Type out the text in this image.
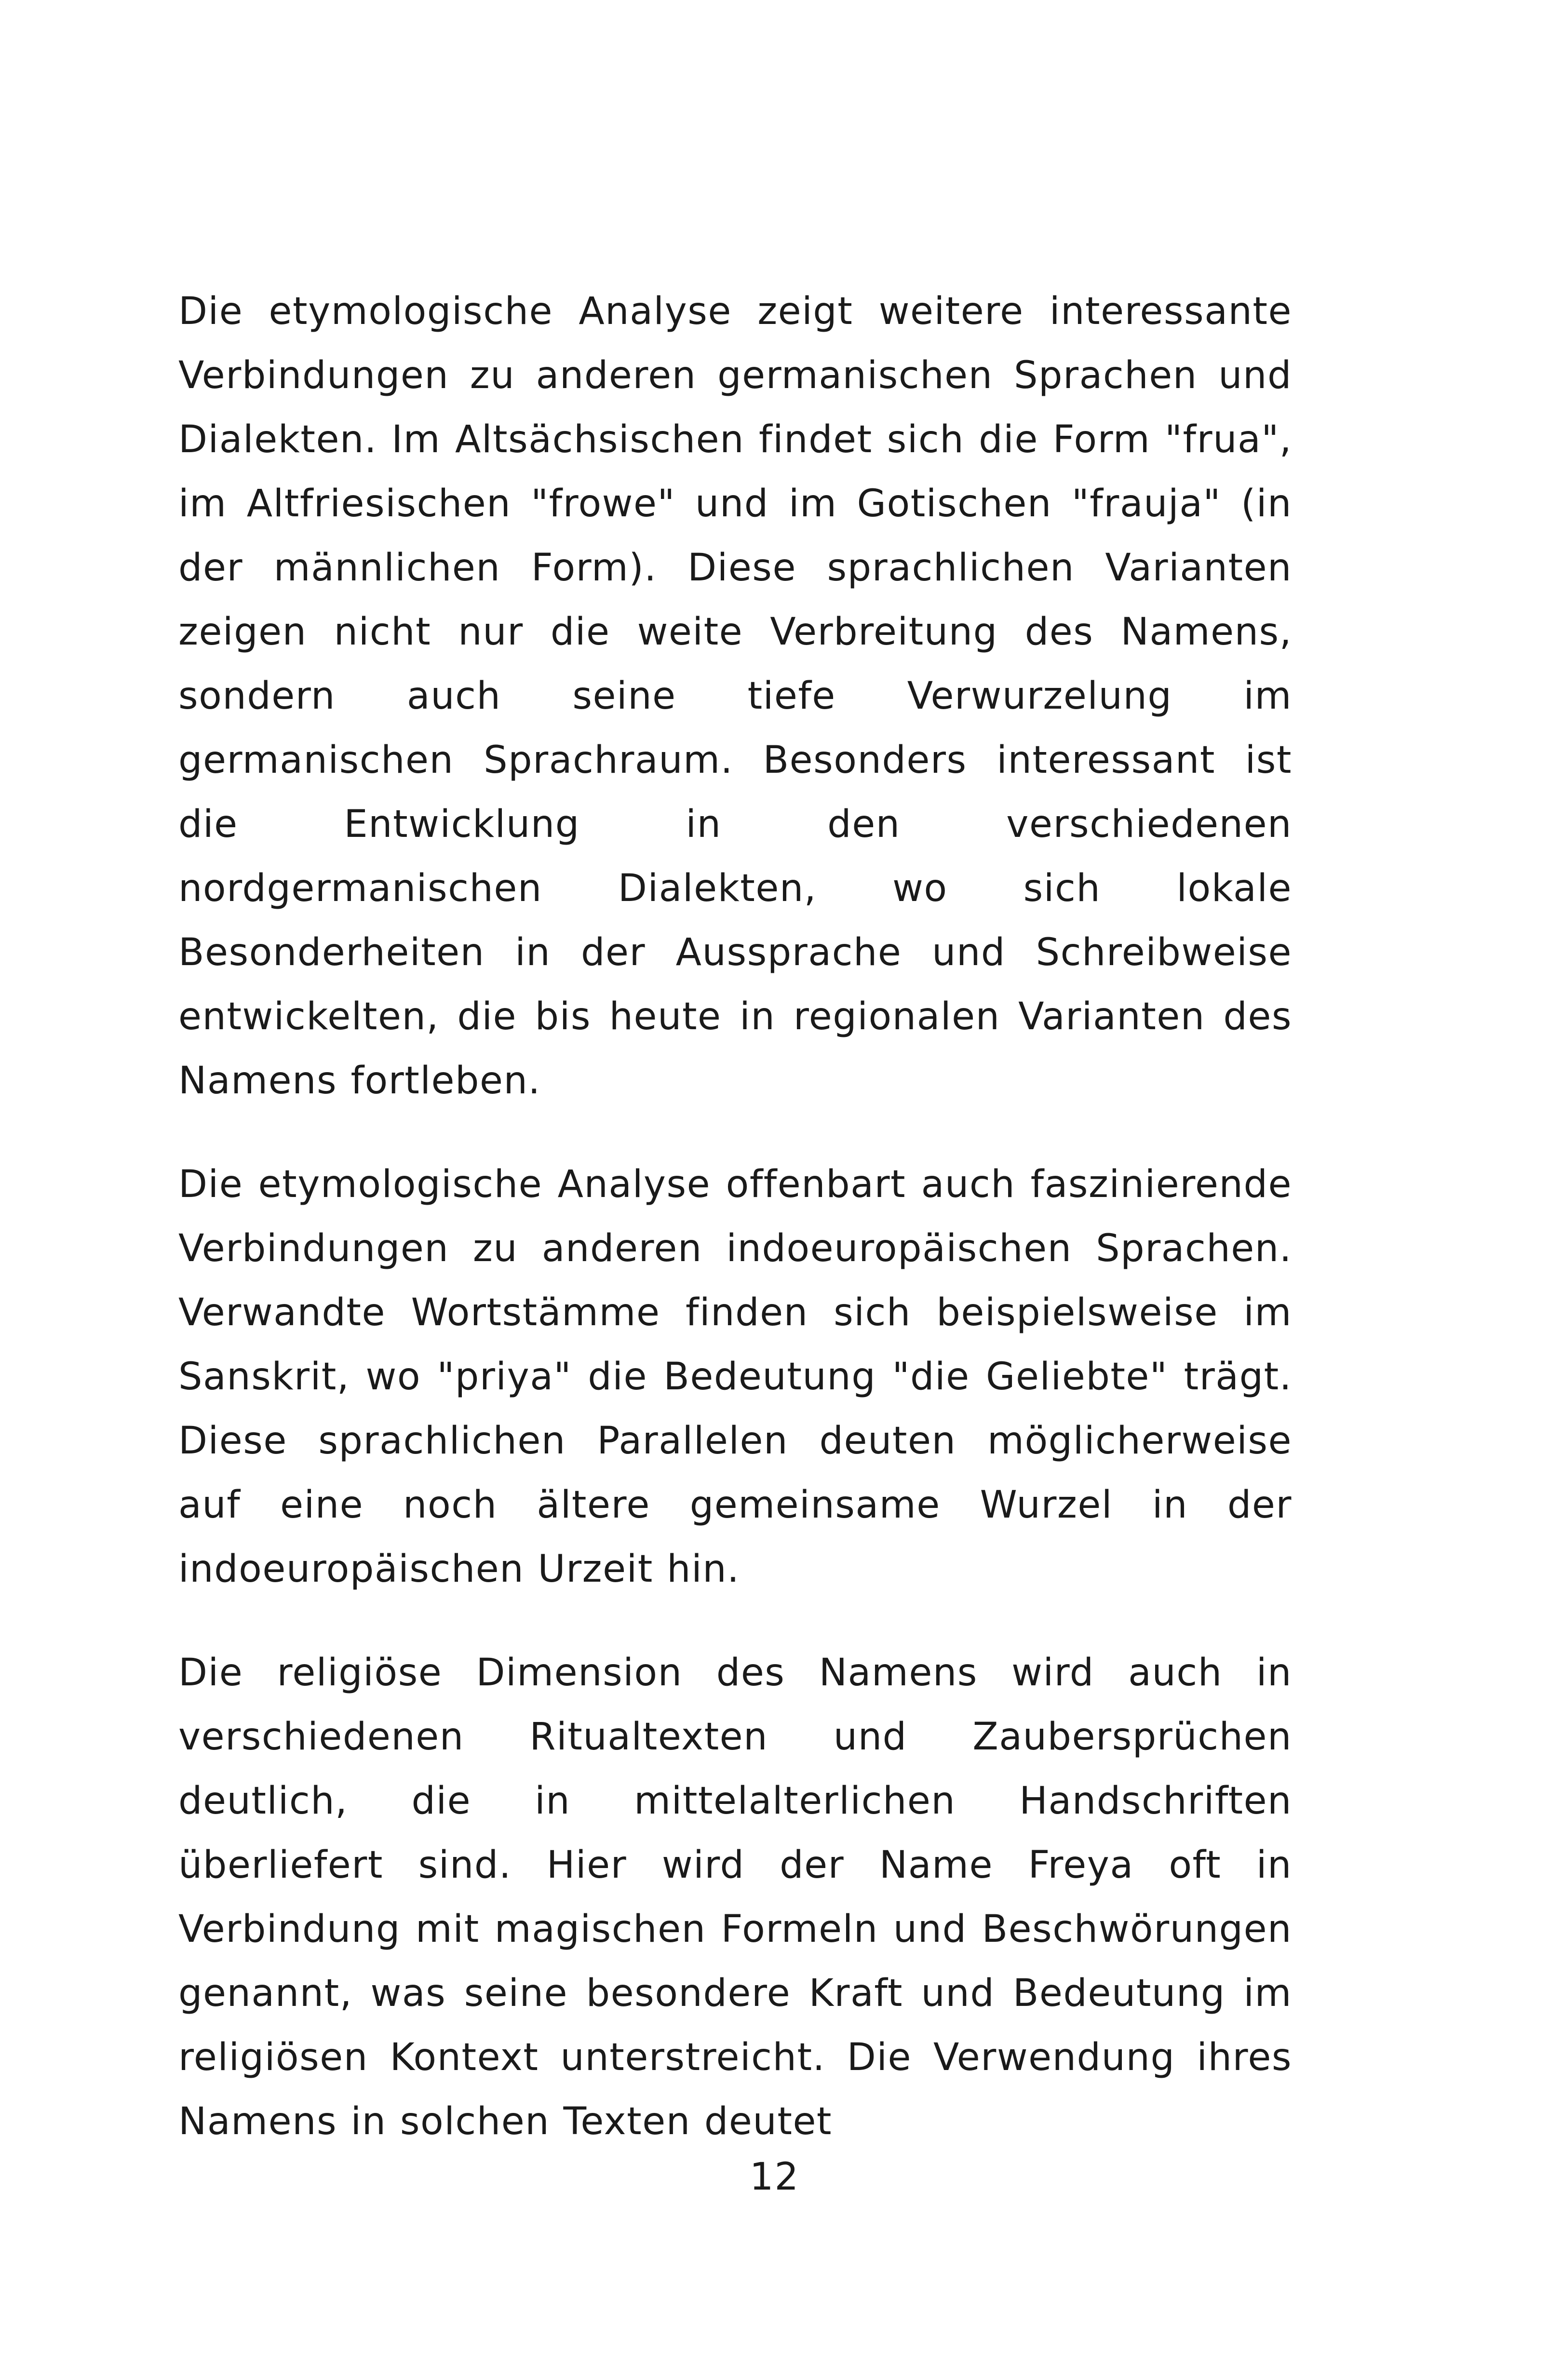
Die etymologische Analyse zeigt weitere interessante Verbindungen zu anderen germanischen Sprachen und Dialekten. Im Altsächsischen findet sich die Form "frua", im Altfriesischen "frowe" und im Gotischen "frauja" (in der männlichen Form). Diese sprachlichen Varianten zeigen nicht nur die weite Verbreitung des Namens, sondern auch seine tiefe Verwurzelung im germanischen Sprachraum. Besonders interessant ist die Entwicklung in den verschiedenen nordgermanischen Dialekten, wo sich lokale Besonderheiten in der Aussprache und Schreibweise entwickelten, die bis heute in regionalen Varianten des Namens fortleben.

Die etymologische Analyse offenbart auch faszinierende Verbindungen zu anderen indoeuropäischen Sprachen. Verwandte Wortstämme finden sich beispielsweise im Sanskrit, wo "priya" die Bedeutung "die Geliebte" trägt. Diese sprachlichen Parallelen deuten möglicherweise auf eine noch ältere gemeinsame Wurzel in der indoeuropäischen Urzeit hin.

Die religiöse Dimension des Namens wird auch in verschiedenen Ritualtexten und Zaubersprüchen deutlich, die in mittelalterlichen Handschriften überliefert sind. Hier wird der Name Freya oft in Verbindung mit magischen Formeln und Beschwörungen genannt, was seine besondere Kraft und Bedeutung im religiösen Kontext unterstreicht. Die Verwendung ihres Namens in solchen Texten deutet

12
